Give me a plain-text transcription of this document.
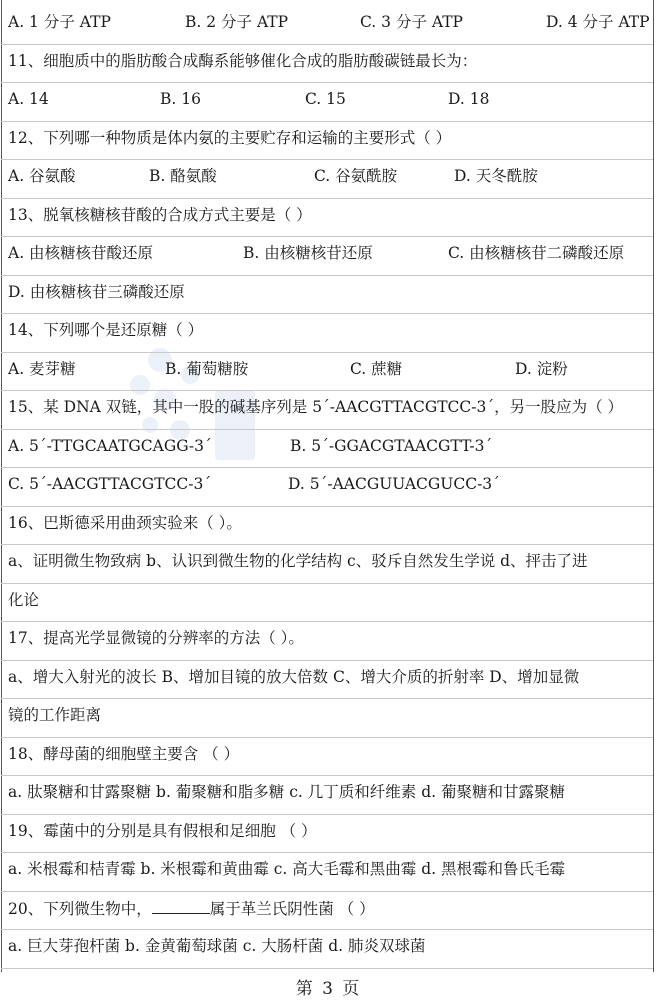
A. 1 分子 ATP	B. 2 分子 ATP	C. 3 分子 ATP	D. 4 分子 ATP
11、细胞质中的脂肪酸合成酶系能够催化合成的脂肪酸碳链最长为：
A. 14	B. 16	C. 15	D. 18
12、下列哪一种物质是体内氨的主要贮存和运输的主要形式（ ）
A. 谷氨酸	B. 酪氨酸	C. 谷氨酰胺	D. 天冬酰胺
13、脱氧核糖核苷酸的合成方式主要是（ ）
A. 由核糖核苷酸还原	B. 由核糖核苷还原	C. 由核糖核苷二磷酸还原
D. 由核糖核苷三磷酸还原
14、下列哪个是还原糖（ ）
A. 麦芽糖	B. 葡萄糖胺	C. 蔗糖	D. 淀粉
15、某 DNA 双链，其中一股的碱基序列是 5ˊ-AACGTTACGTCC-3ˊ，另一股应为（ ）
A. 5ˊ-TTGCAATGCAGG-3ˊ	B. 5ˊ-GGACGTAACGTT-3ˊ
C. 5ˊ-AACGTTACGTCC-3ˊ	D. 5ˊ-AACGUUACGUCC-3ˊ
16、巴斯德采用曲颈实验来（ ）。
a、证明微生物致病 b、认识到微生物的化学结构 c、驳斥自然发生学说 d、抨击了进
化论
17、提高光学显微镜的分辨率的方法（ ）。
a、增大入射光的波长 B、增加目镜的放大倍数 C、增大介质的折射率 D、增加显微
镜的工作距离
18、酵母菌的细胞壁主要含 （ ）
a. 肽聚糖和甘露聚糖 b. 葡聚糖和脂多糖 c. 几丁质和纤维素 d. 葡聚糖和甘露聚糖
19、霉菌中的分别是具有假根和足细胞 （ ）
a. 米根霉和桔青霉 b. 米根霉和黄曲霉 c. 高大毛霉和黑曲霉 d. 黑根霉和鲁氏毛霉
20、下列微生物中，	属于革兰氏阴性菌 （ ）
a. 巨大芽孢杆菌 b. 金黄葡萄球菌 c. 大肠杆菌 d. 肺炎双球菌
第 3 页
